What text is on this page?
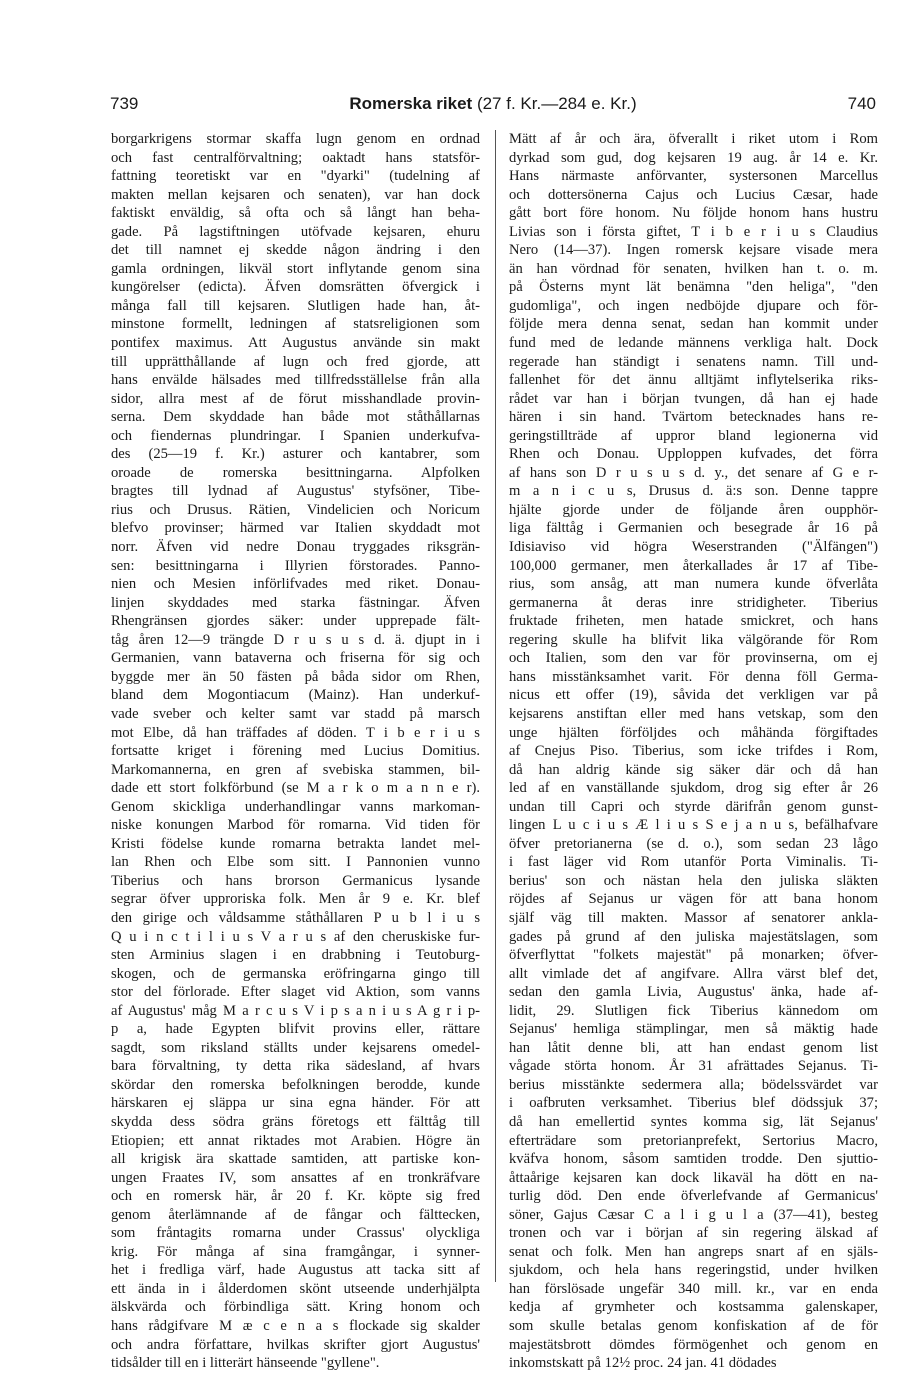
739	Romerska riket (27 f. Kr.—284 e. Kr.)	740
borgarkrigens stormar skaffa lugn genom en ordnad
och fast centralförvaltning; oaktadt hans statsför-
fattning teoretiskt var en "dyarki" (tudelning af
makten mellan kejsaren och senaten), var han dock
faktiskt enväldig, så ofta och så långt han beha-
gade. På lagstiftningen utöfvade kejsaren, ehuru
det till namnet ej skedde någon ändring i den
gamla ordningen, likväl stort inflytande genom sina
kungörelser (edicta). Äfven domsrätten öfvergick i
många fall till kejsaren. Slutligen hade han, åt-
minstone formellt, ledningen af statsreligionen som
pontifex maximus. Att Augustus använde sin makt
till upprätthållande af lugn och fred gjorde, att
hans envälde hälsades med tillfredsställelse från alla
sidor, allra mest af de förut misshandlade provin-
serna. Dem skyddade han både mot ståthållarnas
och fiendernas plundringar. I Spanien underkufva-
des (25—19 f. Kr.) asturer och kantabrer, som
oroade de romerska besittningarna. Alpfolken
bragtes till lydnad af Augustus' styfsöner, Tibe-
rius och Drusus. Rätien, Vindelicien och Noricum
blefvo provinser; härmed var Italien skyddadt mot
norr. Äfven vid nedre Donau tryggades riksgrän-
sen: besittningarna i Illyrien förstorades. Panno-
nien och Mesien införlifvades med riket. Donau-
linjen skyddades med starka fästningar. Äfven
Rhengränsen gjordes säker: under upprepade fält-
tåg åren 12—9 trängde D r u s u s d. ä. djupt in i
Germanien, vann bataverna och friserna för sig och
byggde mer än 50 fästen på båda sidor om Rhen,
bland dem Mogontiacum (Mainz). Han underkuf-
vade sveber och kelter samt var stadd på marsch
mot Elbe, då han träffades af döden. T i b e r i u s
fortsatte kriget i förening med Lucius Domitius.
Markomannerna, en gren af svebiska stammen, bil-
dade ett stort folkförbund (se M a r k o m a n n e r).
Genom skickliga underhandlingar vanns markoman-
niske konungen Marbod för romarna. Vid tiden för
Kristi födelse kunde romarna betrakta landet mel-
lan Rhen och Elbe som sitt. I Pannonien vunno
Tiberius och hans brorson Germanicus lysande
segrar öfver upproriska folk. Men år 9 e. Kr. blef
den girige och våldsamme ståthållaren P u b l i u s
Q u i n c t i l i u s V a r u s af den cheruskiske fur-
sten Arminius slagen i en drabbning i Teutoburg-
skogen, och de germanska eröfringarna gingo till
stor del förlorade. Efter slaget vid Aktion, som vanns
af Augustus' måg M a r c u s V i p s a n i u s A g r i p-
p a, hade Egypten blifvit provins eller, rättare
sagdt, som riksland ställts under kejsarens omedel-
bara förvaltning, ty detta rika sädesland, af hvars
skördar den romerska befolkningen berodde, kunde
härskaren ej släppa ur sina egna händer. För att
skydda dess södra gräns företogs ett fälttåg till
Etiopien; ett annat riktades mot Arabien. Högre än
all krigisk ära skattade samtiden, att partiske kon-
ungen Fraates IV, som ansattes af en tronkräfvare
och en romersk här, år 20 f. Kr. köpte sig fred
genom återlämnande af de fångar och fälttecken,
som fråntagits romarna under Crassus' olyckliga
krig. För många af sina framgångar, i synner-
het i fredliga värf, hade Augustus att tacka sitt af
ett ända in i ålderdomen skönt utseende underhjälpta
älskvärda och förbindliga sätt. Kring honom och
hans rådgifvare M æ c e n a s flockade sig skalder
och andra författare, hvilkas skrifter gjort Augustus'
tidsålder till en i litterärt hänseende "gyllene".
Mätt af år och ära, öfverallt i riket utom i Rom
dyrkad som gud, dog kejsaren 19 aug. år 14 e. Kr.
Hans närmaste anförvanter, systersonen Marcellus
och dottersönerna Cajus och Lucius Cæsar, hade
gått bort före honom. Nu följde honom hans hustru
Livias son i första giftet, T i b e r i u s Claudius
Nero (14—37). Ingen romersk kejsare visade mera
än han vördnad för senaten, hvilken han t. o. m.
på Österns mynt lät benämna "den heliga", "den
gudomliga", och ingen nedböjde djupare och för-
följde mera denna senat, sedan han kommit under
fund med de ledande männens verkliga halt. Dock
regerade han ständigt i senatens namn. Till und-
fallenhet för det ännu alltjämt inflytelserika riks-
rådet var han i början tvungen, då han ej hade
hären i sin hand. Tvärtom betecknades hans re-
geringstillträde af uppror bland legionerna vid
Rhen och Donau. Upploppen kufvades, det förra
af hans son D r u s u s d. y., det senare af G e r-
m a n i c u s, Drusus d. ä:s son. Denne tappre
hjälte gjorde under de följande åren oupphör-
liga fälttåg i Germanien och besegrade år 16 på
Idisiaviso vid högra Weserstranden ("Älfängen")
100,000 germaner, men återkallades år 17 af Tibe-
rius, som ansåg, att man numera kunde öfverlåta
germanerna åt deras inre stridigheter. Tiberius
fruktade friheten, men hatade smickret, och hans
regering skulle ha blifvit lika välgörande för Rom
och Italien, som den var för provinserna, om ej
hans misstänksamhet varit. För denna föll Germa-
nicus ett offer (19), såvida det verkligen var på
kejsarens anstiftan eller med hans vetskap, som den
unge hjälten förföljdes och måhända förgiftades
af Cnejus Piso. Tiberius, som icke trifdes i Rom,
då han aldrig kände sig säker där och då han
led af en vanställande sjukdom, drog sig efter år 26
undan till Capri och styrde därifrån genom gunst-
lingen L u c i u s Æ l i u s S e j a n u s, befälhafvare
öfver pretorianerna (se d. o.), som sedan 23 lågo
i fast läger vid Rom utanför Porta Viminalis. Ti-
berius' son och nästan hela den juliska släkten
röjdes af Sejanus ur vägen för att bana honom
själf väg till makten. Massor af senatorer ankla-
gades på grund af den juliska majestätslagen, som
öfverflyttat "folkets majestät" på monarken; öfver-
allt vimlade det af angifvare. Allra värst blef det,
sedan den gamla Livia, Augustus' änka, hade af-
lidit, 29. Slutligen fick Tiberius kännedom om
Sejanus' hemliga stämplingar, men så mäktig hade
han låtit denne bli, att han endast genom list
vågade störta honom. År 31 afrättades Sejanus. Ti-
berius misstänkte sedermera alla; bödelssvärdet var
i oafbruten verksamhet. Tiberius blef dödssjuk 37;
då han emellertid syntes komma sig, lät Sejanus'
efterträdare som pretorianprefekt, Sertorius Macro,
kväfva honom, såsom samtiden trodde. Den sjuttio-
åttaårige kejsaren kan dock likaväl ha dött en na-
turlig död. Den ende öfverlefvande af Germanicus'
söner, Gajus Cæsar C a l i g u l a (37—41), besteg
tronen och var i början af sin regering älskad af
senat och folk. Men han angreps snart af en själs-
sjukdom, och hela hans regeringstid, under hvilken
han förslösade ungefär 340 mill. kr., var en enda
kedja af grymheter och kostsamma galenskaper,
som skulle betalas genom konfiskation af de för
majestätsbrott dömdes förmögenhet och genom en
inkomstskatt på 12½ proc. 24 jan. 41 dödades
